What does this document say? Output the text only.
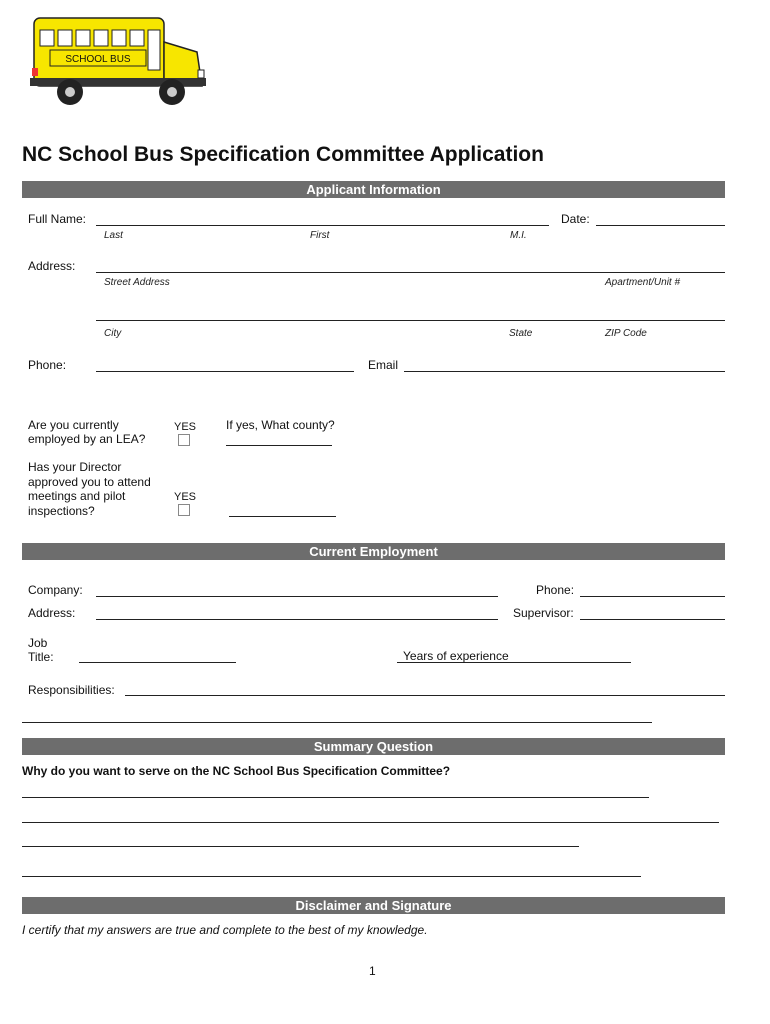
SCHOOL BUS
NC School Bus Specification Committee Application
Applicant Information
Full Name:
Last	First	M.I.
Date:
Address:
Street Address	Apartment/Unit #
City	State	ZIP Code
Phone:	Email
Are you currently employed by an LEA?
YES If yes, What county?
Has your Director approved you to attend meetings and pilot inspections?
YES
Current Employment
Company:	Phone:
Address:	Supervisor:
Job Title:	Years of experience
Responsibilities:
Summary Question
Why do you want to serve on the NC School Bus Specification Committee?
Disclaimer and Signature
I certify that my answers are true and complete to the best of my knowledge.
1
